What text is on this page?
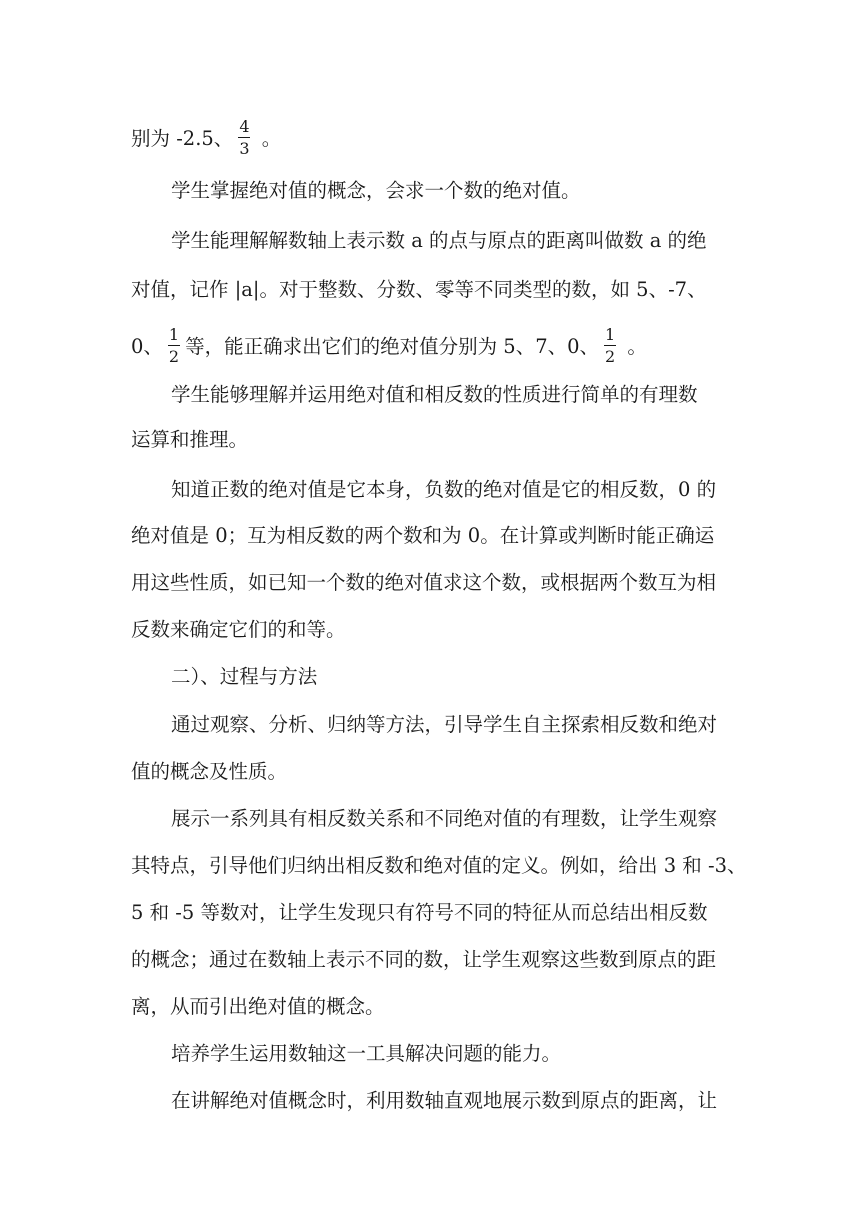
别为 -2.5、 $\frac{4}{3}$ 。
学生掌握绝对值的概念，会求一个数的绝对值。
学生能理解解数轴上表示数 a 的点与原点的距离叫做数 a 的绝
对值，记作 |a|。对于整数、分数、零等不同类型的数，如 5、-7、
0、 $\frac{1}{2}$ 等，能正确求出它们的绝对值分别为 5、7、0、 $\frac{1}{2}$ 。
学生能够理解并运用绝对值和相反数的性质进行简单的有理数
运算和推理。
知道正数的绝对值是它本身，负数的绝对值是它的相反数，0 的
绝对值是 0；互为相反数的两个数和为 0。在计算或判断时能正确运
用这些性质，如已知一个数的绝对值求这个数，或根据两个数互为相
反数来确定它们的和等。
二）、过程与方法
通过观察、分析、归纳等方法，引导学生自主探索相反数和绝对
值的概念及性质。
展示一系列具有相反数关系和不同绝对值的有理数，让学生观察
其特点，引导他们归纳出相反数和绝对值的定义。例如，给出 3 和 -3、
5 和 -5 等数对，让学生发现只有符号不同的特征从而总结出相反数
的概念；通过在数轴上表示不同的数，让学生观察这些数到原点的距
离，从而引出绝对值的概念。
培养学生运用数轴这一工具解决问题的能力。
在讲解绝对值概念时，利用数轴直观地展示数到原点的距离，让
